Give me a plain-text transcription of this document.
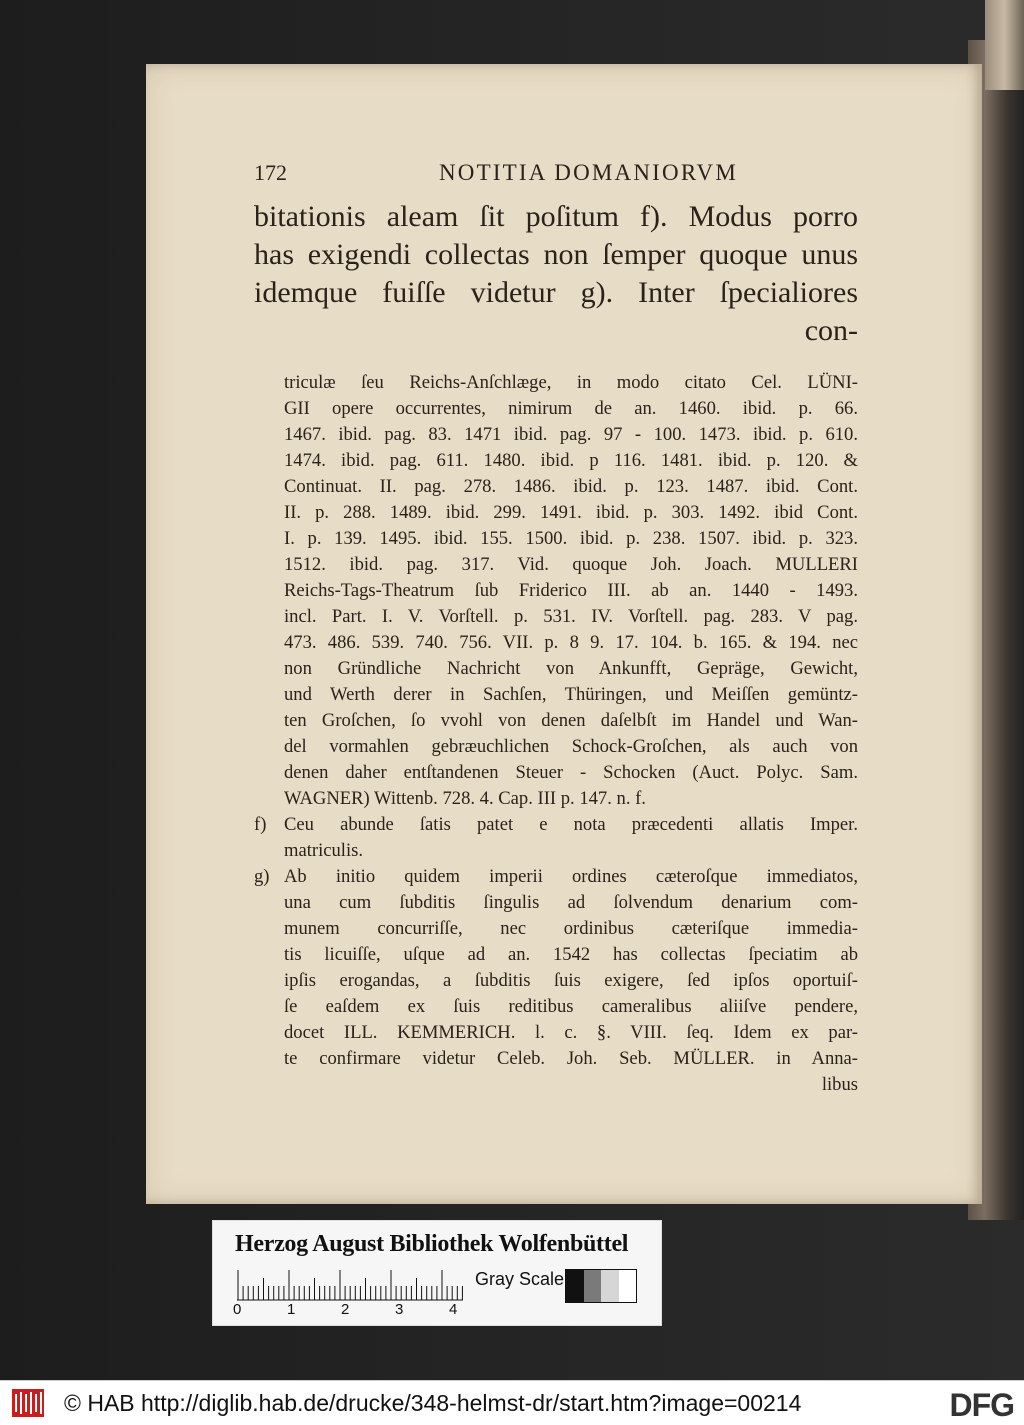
172	NOTITIA DOMANIORVM
bitationis aleam ſit poſitum f). Modus porro
has exigendi collectas non ſemper quoque unus
idemque fuiſſe videtur g). Inter ſpecialiores
con-
triculæ ſeu Reichs-Anſchlæge, in modo citato Cel. LÜNI-
GII opere occurrentes, nimirum de an. 1460. ibid. p. 66.
1467. ibid. pag. 83. 1471 ibid. pag. 97 - 100. 1473. ibid. p. 610.
1474. ibid. pag. 611. 1480. ibid. p 116. 1481. ibid. p. 120. &
Continuat. II. pag. 278. 1486. ibid. p. 123. 1487. ibid. Cont.
II. p. 288. 1489. ibid. 299. 1491. ibid. p. 303. 1492. ibid Cont.
I. p. 139. 1495. ibid. 155. 1500. ibid. p. 238. 1507. ibid. p. 323.
1512. ibid. pag. 317. Vid. quoque Joh. Joach. MULLERI
Reichs-Tags-Theatrum ſub Friderico III. ab an. 1440 - 1493.
incl. Part. I. V. Vorſtell. p. 531. IV. Vorſtell. pag. 283. V pag.
473. 486. 539. 740. 756. VII. p. 8 9. 17. 104. b. 165. & 194. nec
non Gründliche Nachricht von Ankunfft, Gepräge, Gewicht,
und Werth derer in Sachſen, Thüringen, und Meiſſen gemüntz-
ten Groſchen, ſo vvohl von denen daſelbſt im Handel und Wan-
del vormahlen gebræuchlichen Schock-Groſchen, als auch von
denen daher entſtandenen Steuer - Schocken (Auct. Polyc. Sam.
WAGNER) Wittenb. 728. 4. Cap. III p. 147. n. f.
f) Ceu abunde ſatis patet e nota præcedenti allatis Imper.
matriculis.
g) Ab initio quidem imperii ordines cæteroſque immediatos,
una cum ſubditis ſingulis ad ſolvendum denarium com-
munem concurriſſe, nec ordinibus cæteriſque immedia-
tis licuiſſe, uſque ad an. 1542 has collectas ſpeciatim ab
ipſis erogandas, a ſubditis ſuis exigere, ſed ipſos oportuiſ-
ſe eaſdem ex ſuis reditibus cameralibus aliiſve pendere,
docet ILL. KEMMERICH. l. c. §. VIII. ſeq. Idem ex par-
te confirmare videtur Celeb. Joh. Seb. MÜLLER. in Anna-
libus
Herzog August Bibliothek Wolfenbüttel
0	1	2	3	4
Gray Scale
© HAB http://diglib.hab.de/drucke/348-helmst-dr/start.htm?image=00214	DFG
